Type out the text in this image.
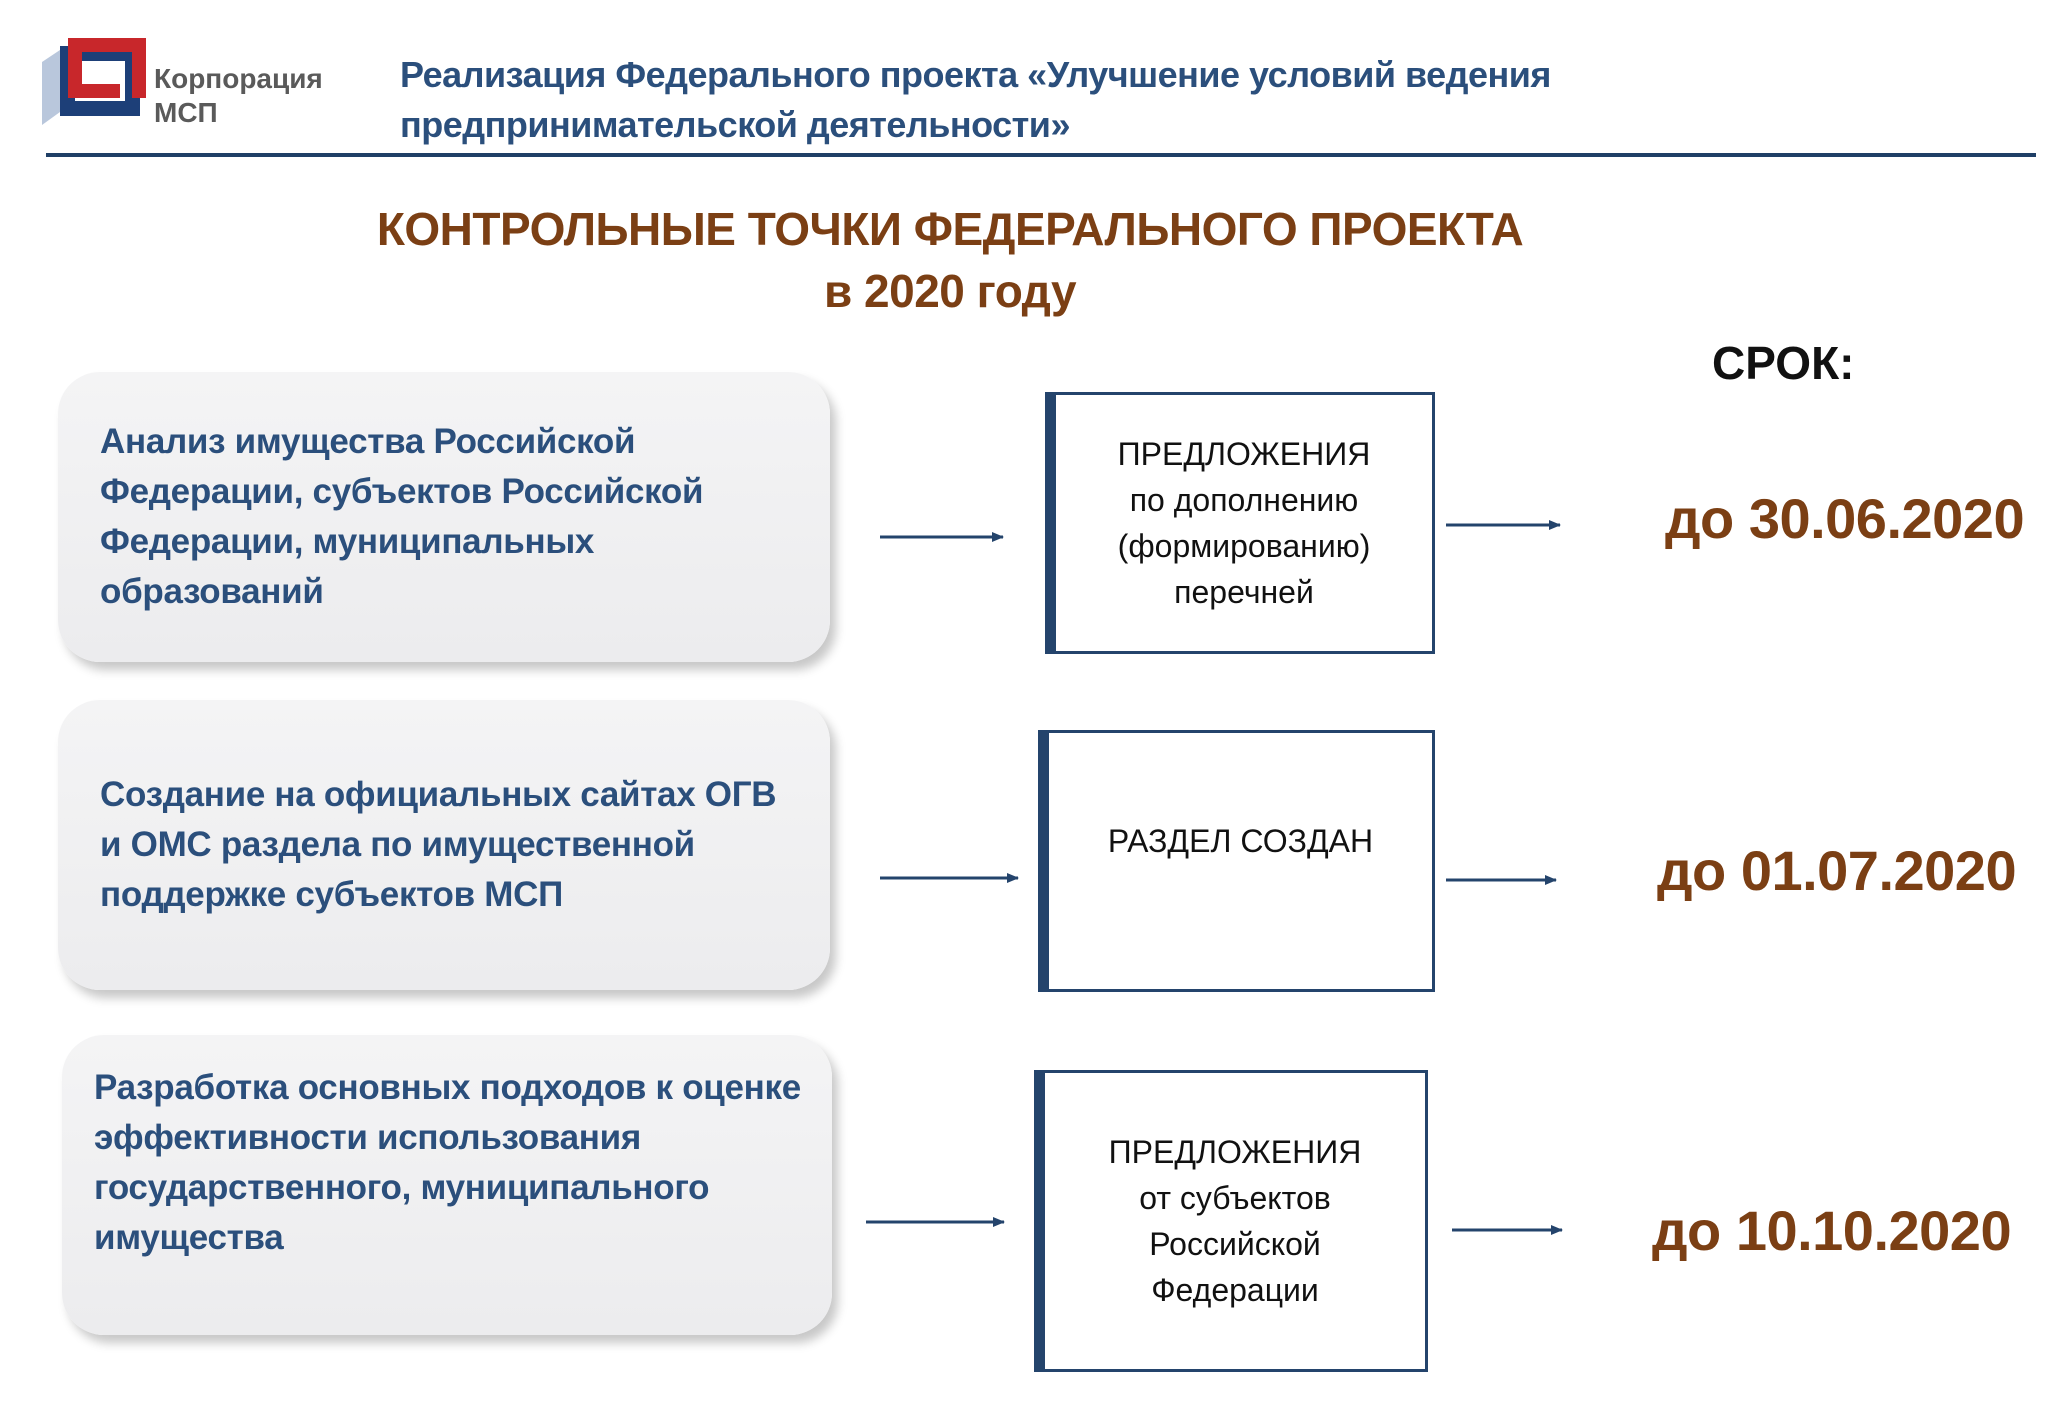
Корпорация
МСП
Реализация Федерального проекта «Улучшение условий ведения
предпринимательской деятельности»
КОНТРОЛЬНЫЕ ТОЧКИ ФЕДЕРАЛЬНОГО ПРОЕКТА
в 2020 году
СРОК:
Анализ имущества Российской
Федерации, субъектов Российской
Федерации, муниципальных
образований
ПРЕДЛОЖЕНИЯ
по дополнению
(формированию)
перечней
до 30.06.2020
Создание на официальных сайтах ОГВ
и ОМС раздела по имущественной
поддержке субъектов МСП
РАЗДЕЛ СОЗДАН	до 01.07.2020
Разработка основных подходов к оценке
эффективности использования
государственного, муниципального
имущества
ПРЕДЛОЖЕНИЯ
от субъектов
Российской
Федерации
до 10.10.2020
